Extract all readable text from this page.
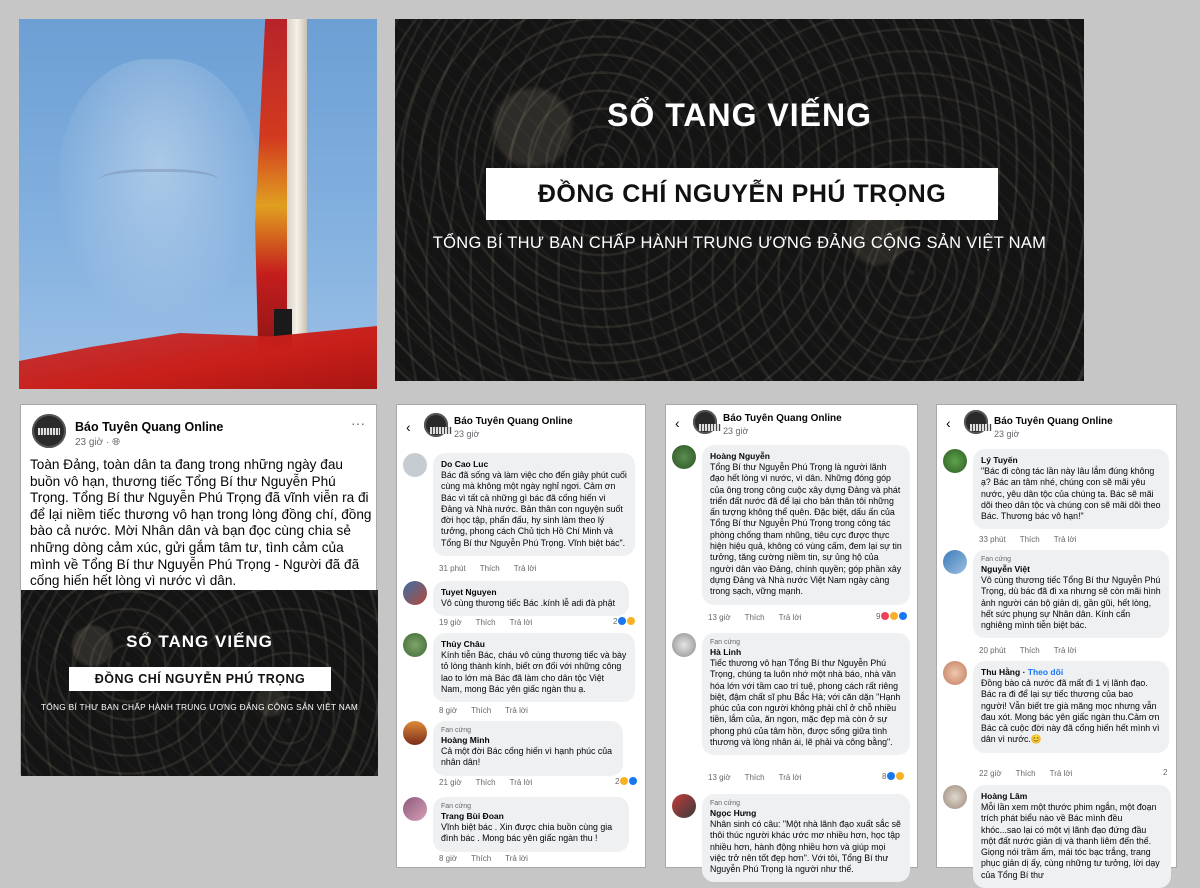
SỔ TANG VIẾNG
ĐỒNG CHÍ NGUYỄN PHÚ TRỌNG
TỔNG BÍ THƯ BAN CHẤP HÀNH TRUNG ƯƠNG ĐẢNG CỘNG SẢN VIỆT NAM
Báo Tuyên Quang Online
23 giờ · 🌐︎
···
Toàn Đảng, toàn dân ta đang trong những ngày đau buồn vô hạn, thương tiếc Tổng Bí thư Nguyễn Phú Trọng. Tổng Bí thư Nguyễn Phú Trọng đã vĩnh viễn ra đi để lại niềm tiếc thương vô hạn trong lòng đồng chí, đồng bào cả nước. Mời Nhân dân và bạn đọc cùng chia sẻ những dòng cảm xúc, gửi gắm tâm tư, tình cảm của mình về Tổng Bí thư Nguyễn Phú Trọng - Người đã đã cống hiến hết lòng vì nước vì dân.
SỔ TANG VIẾNG
ĐỒNG CHÍ NGUYỄN PHÚ TRỌNG
TỔNG BÍ THƯ BAN CHẤP HÀNH TRUNG ƯƠNG ĐẢNG CỘNG SẢN VIỆT NAM
‹	Báo Tuyên Quang Online
23 giờ
Do Cao Luc
Bác đã sống và làm việc cho đến giây phút cuối cùng mà không một ngày nghỉ ngơi. Cảm ơn Bác vì tất cả những gì bác đã cống hiến vì Đảng và Nhà nước. Bản thân con nguyện suốt đời học tập, phấn đấu, hy sinh làm theo lý tưởng, phong cách Chủ tịch Hồ Chí Minh và Tổng Bí thư Nguyễn Phú Trọng. Vĩnh biệt bác".
31 phút Thích Trả lời
Tuyet Nguyen
Vô cùng thương tiếc Bác .kính lễ adi đà phật
19 giờ Thích Trả lời	2
Thủy Châu
Kính tiễn Bác, cháu vô cùng thương tiếc và bày tỏ lòng thành kính, biết ơn đối với những công lao to lớn mà Bác đã làm cho dân tộc Việt Nam, mong Bác yên giấc ngàn thu ạ.
8 giờ Thích Trả lời
Fan cứng
Hoàng Minh
Cả một đời Bác cống hiến vì hạnh phúc của nhân dân!
21 giờ Thích Trả lời	2
Fan cứng
Trang Bùi Đoan
Vĩnh biệt bác . Xin được chia buồn cùng gia đình bác . Mong bác yên giấc ngàn thu !
8 giờ Thích Trả lời
‹	Báo Tuyên Quang Online
23 giờ
Hoàng Nguyễn
Tổng Bí thư Nguyễn Phú Trọng là người lãnh đạo hết lòng vì nước, vì dân. Những đóng góp của ông trong công cuộc xây dựng Đảng và phát triển đất nước đã để lại cho bản thân tôi những ấn tượng không thể quên. Đặc biệt, dấu ấn của Tổng Bí thư Nguyễn Phú Trọng trong công tác phòng chống tham nhũng, tiêu cực được thực hiện hiệu quả, không có vùng cấm, đem lại sự tin tưởng, tăng cường niềm tin, sự ủng hộ của người dân vào Đảng, chính quyền; góp phần xây dựng Đảng và Nhà nước Việt Nam ngày càng trong sạch, vững mạnh.
13 giờ Thích Trả lời	9
Fan cứng
Hà Linh
Tiếc thương vô hạn Tổng Bí thư Nguyễn Phú Trọng, chúng ta luôn nhớ một nhà báo, nhà văn hóa lớn với tầm cao trí tuệ, phong cách rất riêng biệt, đậm chất sĩ phu Bắc Hà; với căn dặn "Hạnh phúc của con người không phải chỉ ở chỗ nhiều tiền, lắm của, ăn ngon, mặc đẹp mà còn ở sự phong phú của tâm hồn, được sống giữa tình thương và lòng nhân ái, lẽ phải và công bằng".
13 giờ Thích Trả lời	8
Fan cứng
Ngọc Hưng
Nhân sinh có câu: "Một nhà lãnh đạo xuất sắc sẽ thôi thúc người khác ước mơ nhiều hơn, học tập nhiều hơn, hành động nhiều hơn và giúp mọi việc trở nên tốt đẹp hơn". Với tôi, Tổng Bí thư Nguyễn Phú Trọng là người như thế.
‹	Báo Tuyên Quang Online
23 giờ
Lý Tuyến
"Bác đi công tác lần này lâu lắm đúng không ạ? Bác an tâm nhé, chúng con sẽ mãi yêu nước, yêu dân tộc của chúng ta. Bác sẽ mãi dõi theo dân tộc và chúng con sẽ mãi dõi theo Bác. Thương bác vô hạn!"
33 phút Thích Trả lời
Fan cứng
Nguyễn Việt
Vô cùng thương tiếc Tổng Bí thư Nguyễn Phú Trọng, dù bác đã đi xa nhưng sẽ còn mãi hình ảnh người cán bộ giản dị, gần gũi, hết lòng, hết sức phụng sự Nhân dân. Kính cẩn nghiêng mình tiễn biệt bác.
20 phút Thích Trả lời
Thu Hằng · Theo dõi
Đồng bào cả nước đã mất đi 1 vị lãnh đạo. Bác ra đi để lại sự tiếc thương của bao người! Vẫn biết tre già măng mọc nhưng vẫn đau xót. Mong bác yên giấc ngàn thu.Cảm ơn Bác cả cuộc đời này đã cống hiến hết mình vì dân vì nước.😊
22 giờ Thích Trả lời	2
Hoàng Lâm
Mỗi lần xem một thước phim ngắn, một đoạn trích phát biểu nào về Bác mình đều khóc...sao lại có một vị lãnh đạo đứng đầu một đất nước giản dị và thanh liêm đến thế. Giọng nói trầm ấm, mái tóc bạc trắng, trang phục giản dị ấy, cùng những tư tưởng, lời dạy của Tổng Bí thư
